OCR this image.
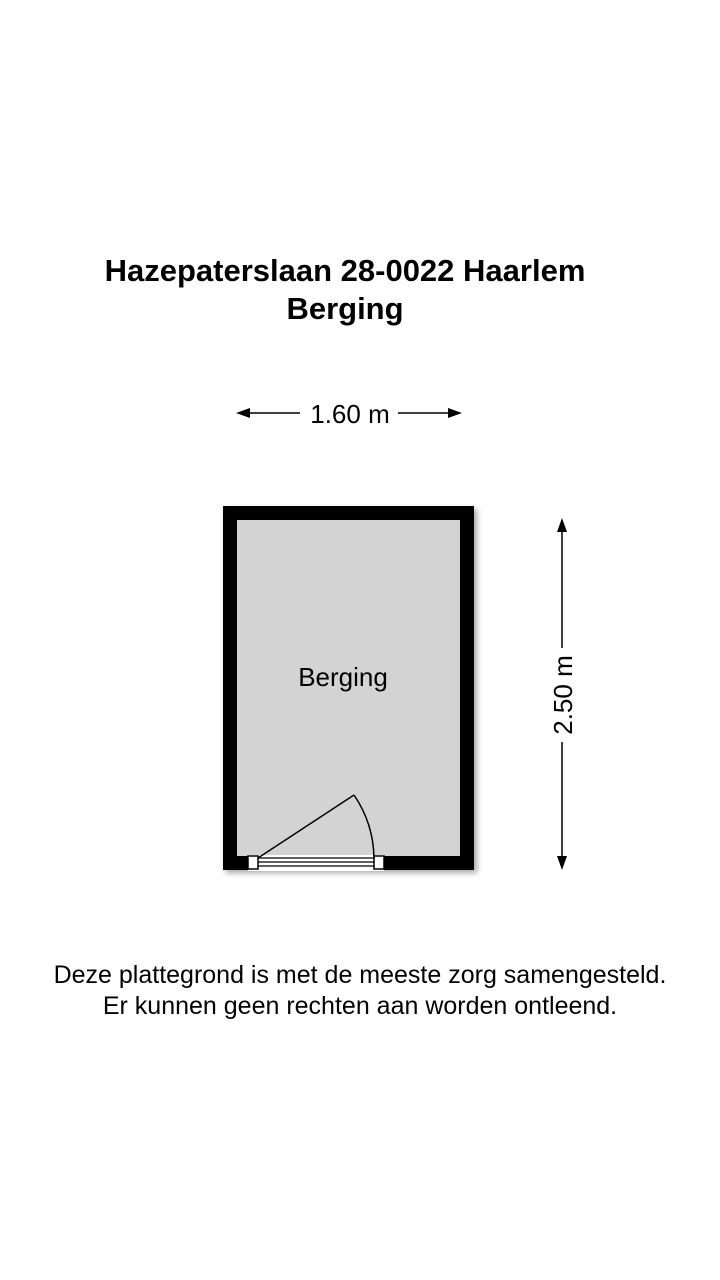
Hazepaterslaan 28-0022 Haarlem
Berging
1.60 m
2.50 m
Berging

Deze plattegrond is met de meeste zorg samengesteld.

Er kunnen geen rechten aan worden ontleend.
